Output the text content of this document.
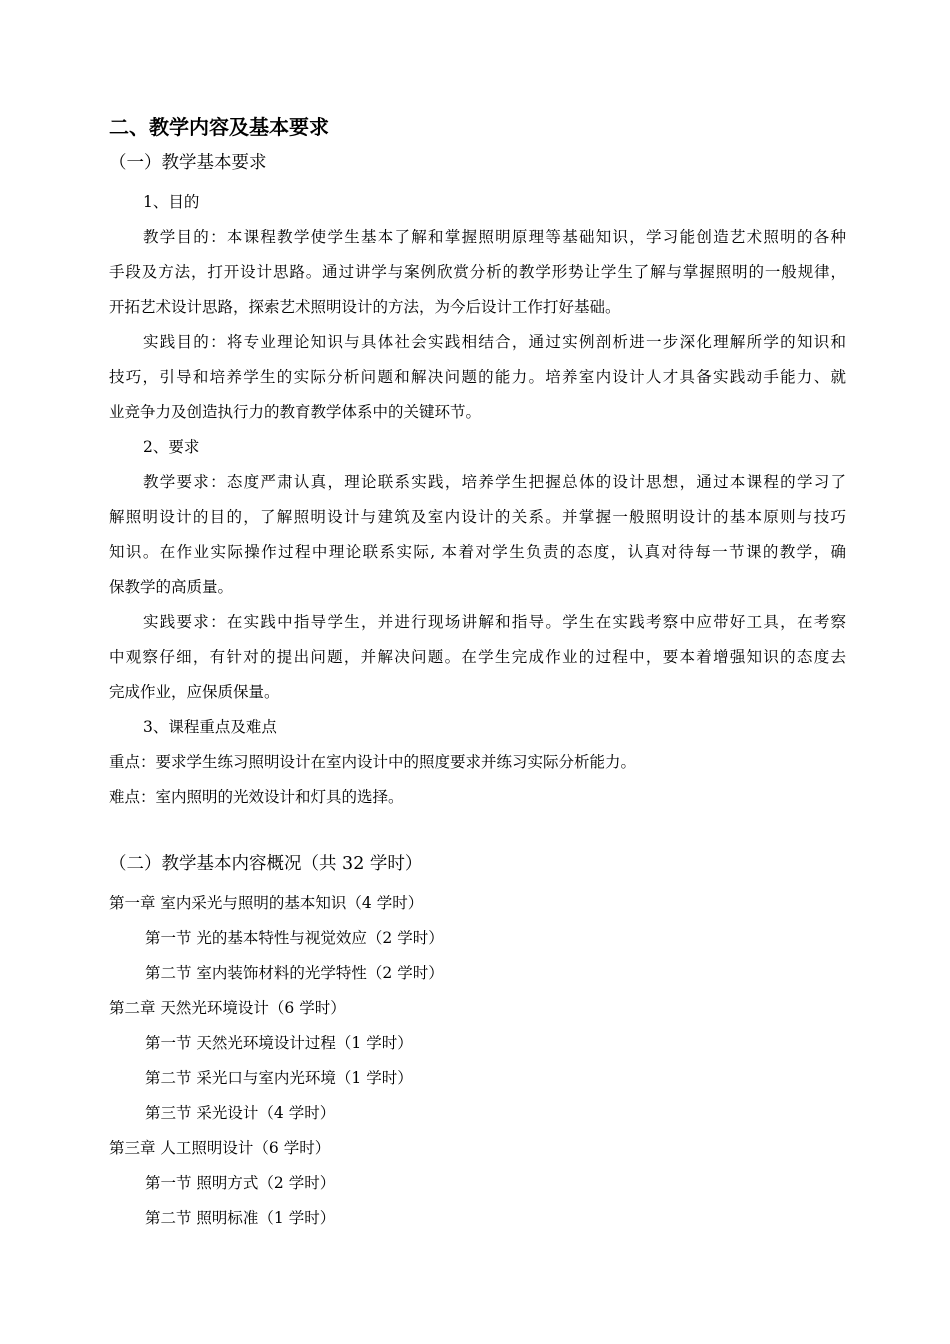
二、教学内容及基本要求
（一）教学基本要求
1、目的
教学目的：本课程教学使学生基本了解和掌握照明原理等基础知识，学习能创造艺术照明的各种
手段及方法，打开设计思路。通过讲学与案例欣赏分析的教学形势让学生了解与掌握照明的一般规律，
开拓艺术设计思路，探索艺术照明设计的方法，为今后设计工作打好基础。
实践目的：将专业理论知识与具体社会实践相结合，通过实例剖析进一步深化理解所学的知识和
技巧，引导和培养学生的实际分析问题和解决问题的能力。培养室内设计人才具备实践动手能力、就
业竞争力及创造执行力的教育教学体系中的关键环节。
2、要求
教学要求：态度严肃认真，理论联系实践，培养学生把握总体的设计思想，通过本课程的学习了
解照明设计的目的，了解照明设计与建筑及室内设计的关系。并掌握一般照明设计的基本原则与技巧
知识。在作业实际操作过程中理论联系实际, 本着对学生负责的态度，认真对待每一节课的教学，确
保教学的高质量。
实践要求：在实践中指导学生，并进行现场讲解和指导。学生在实践考察中应带好工具，在考察
中观察仔细，有针对的提出问题，并解决问题。在学生完成作业的过程中，要本着增强知识的态度去
完成作业，应保质保量。
3、课程重点及难点
重点：要求学生练习照明设计在室内设计中的照度要求并练习实际分析能力。
难点：室内照明的光效设计和灯具的选择。
（二）教学基本内容概况（共 32 学时）
第一章 室内采光与照明的基本知识（4 学时）
第一节 光的基本特性与视觉效应（2 学时）
第二节 室内装饰材料的光学特性（2 学时）
第二章 天然光环境设计（6 学时）
第一节 天然光环境设计过程（1 学时）
第二节 采光口与室内光环境（1 学时）
第三节 采光设计（4 学时）
第三章 人工照明设计（6 学时）
第一节 照明方式（2 学时）
第二节 照明标准（1 学时）
